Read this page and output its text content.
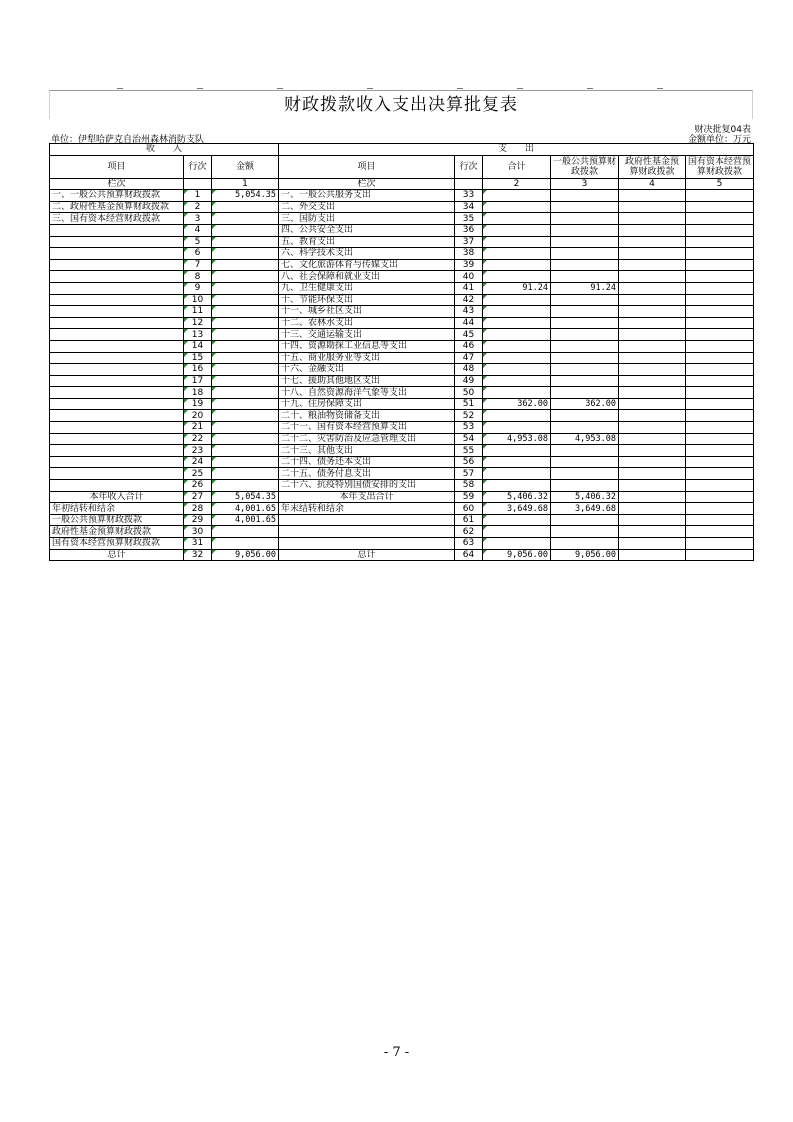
财政拨款收入支出决算批复表
财决批复04表
单位：伊犁哈萨克自治州森林消防支队	金额单位：万元
收　　入			支　　出					
项目	行次	金额	项目	行次	合计	一般公共预算财政拨款	政府性基金预算财政拨款	国有资本经营预算财政拨款
栏次		1	栏次		2	3	4	5
一、一般公共预算财政拨款	1	5,054.35	一、一般公共服务支出	33				
二、政府性基金预算财政拨款	2		二、外交支出	34				
三、国有资本经营财政拨款	3		三、国防支出	35				
	4		四、公共安全支出	36				
	5		五、教育支出	37				
	6		六、科学技术支出	38				
	7		七、文化旅游体育与传媒支出	39				
	8		八、社会保障和就业支出	40				
	9		九、卫生健康支出	41	91.24	91.24		
	10		十、节能环保支出	42				
	11		十一、城乡社区支出	43				
	12		十二、农林水支出	44				
	13		十三、交通运输支出	45				
	14		十四、资源勘探工业信息等支出	46				
	15		十五、商业服务业等支出	47				
	16		十六、金融支出	48				
	17		十七、援助其他地区支出	49				
	18		十八、自然资源海洋气象等支出	50				
	19		十九、住房保障支出	51	362.00	362.00		
	20		二十、粮油物资储备支出	52				
	21		二十一、国有资本经营预算支出	53				
	22		二十二、灾害防治及应急管理支出	54	4,953.08	4,953.08		
	23		二十三、其他支出	55				
	24		二十四、债务还本支出	56				
	25		二十五、债务付息支出	57				
	26		二十六、抗疫特别国债安排的支出	58				
本年收入合计	27	5,054.35	本年支出合计	59	5,406.32	5,406.32		
年初结转和结余	28	4,001.65	年末结转和结余	60	3,649.68	3,649.68		
一般公共预算财政拨款	29	4,001.65		61				
政府性基金预算财政拨款	30			62				
国有资本经营预算财政拨款	31			63				
总计	32	9,056.00	总计	64	9,056.00	9,056.00		
- 7 -
